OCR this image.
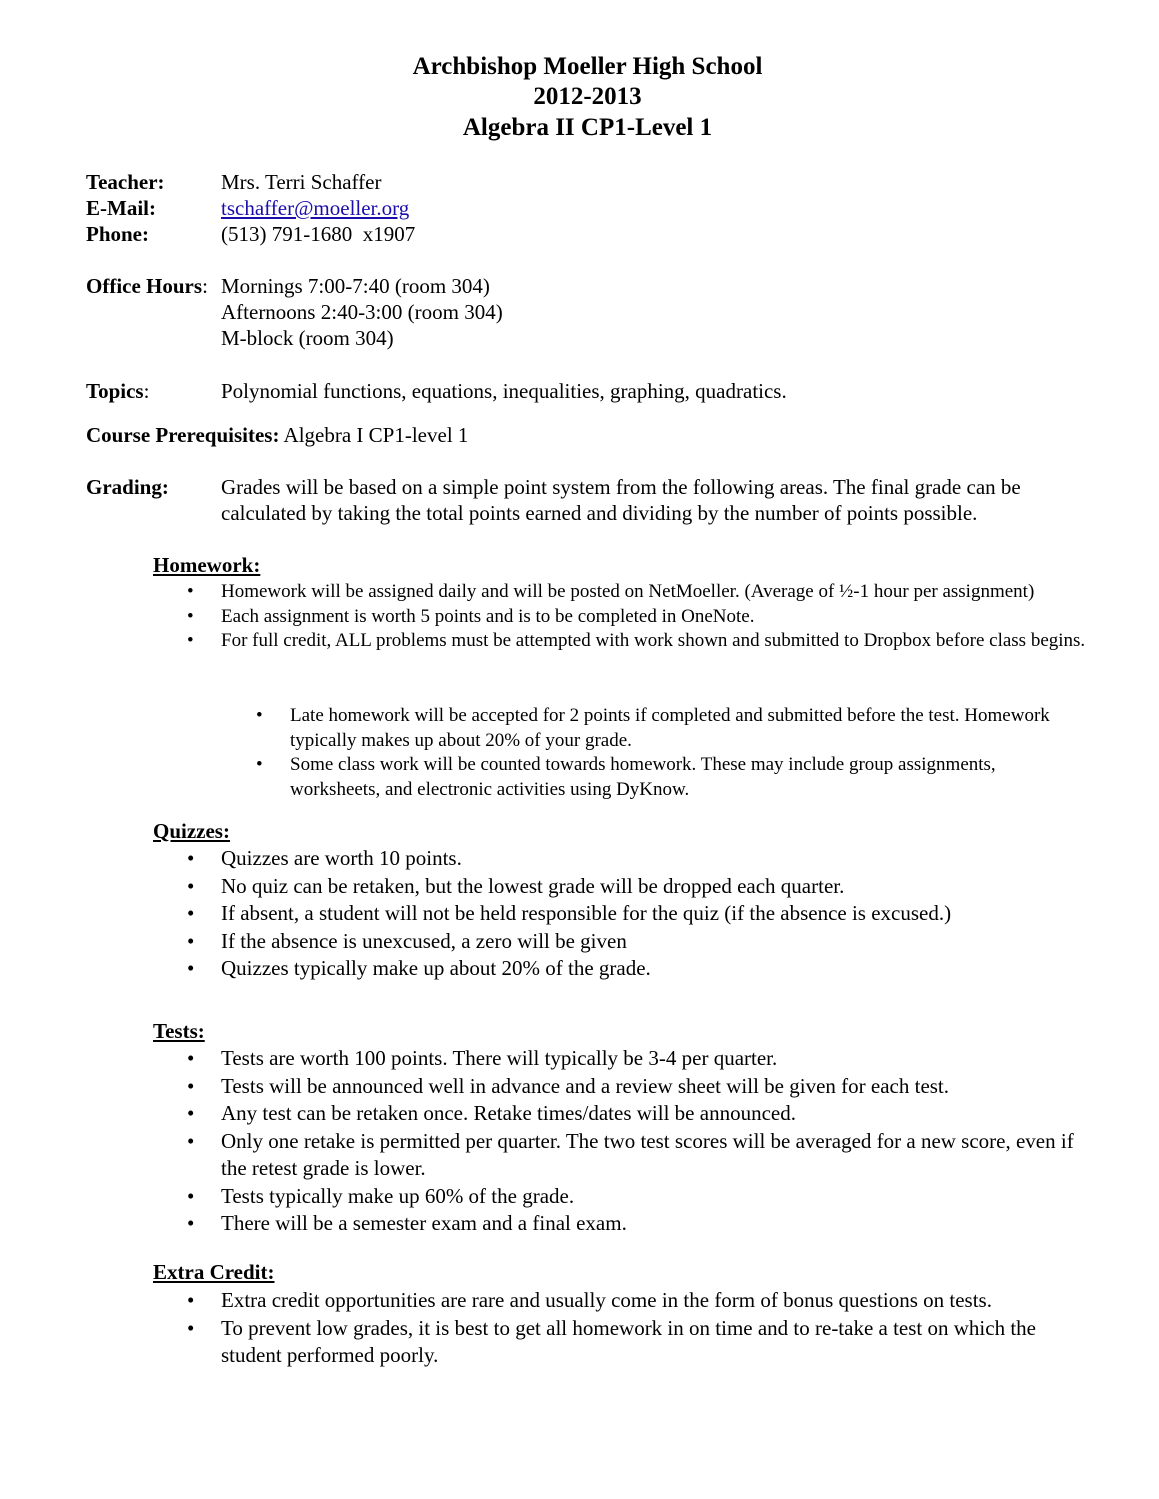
Archbishop Moeller High School
2012-2013
Algebra II CP1-Level 1
Teacher:	Mrs. Terri Schaffer
E-Mail:	tschaffer@moeller.org
Phone:	(513) 791-1680  x1907
Office Hours: Mornings 7:00-7:40 (room 304)
Afternoons 2:40-3:00 (room 304)
M-block (room 304)
Topics:	Polynomial functions, equations, inequalities, graphing, quadratics.
Course Prerequisites: Algebra I CP1-level 1
Grading:	Grades will be based on a simple point system from the following areas. The final grade can be calculated by taking the total points earned and dividing by the number of points possible.
Homework:
• Homework will be assigned daily and will be posted on NetMoeller. (Average of ½-1 hour per assignment)
• Each assignment is worth 5 points and is to be completed in OneNote.
• For full credit, ALL problems must be attempted with work shown and submitted to Dropbox before class begins.
• Late homework will be accepted for 2 points if completed and submitted before the test. Homework typically makes up about 20% of your grade.
• Some class work will be counted towards homework. These may include group assignments, worksheets, and electronic activities using DyKnow.
Quizzes:
• Quizzes are worth 10 points.
• No quiz can be retaken, but the lowest grade will be dropped each quarter.
• If absent, a student will not be held responsible for the quiz (if the absence is excused.)
• If the absence is unexcused, a zero will be given
• Quizzes typically make up about 20% of the grade.
Tests:
• Tests are worth 100 points. There will typically be 3-4 per quarter.
• Tests will be announced well in advance and a review sheet will be given for each test.
• Any test can be retaken once. Retake times/dates will be announced.
• Only one retake is permitted per quarter. The two test scores will be averaged for a new score, even if the retest grade is lower.
• Tests typically make up 60% of the grade.
• There will be a semester exam and a final exam.
Extra Credit:
• Extra credit opportunities are rare and usually come in the form of bonus questions on tests.
• To prevent low grades, it is best to get all homework in on time and to re-take a test on which the student performed poorly.
